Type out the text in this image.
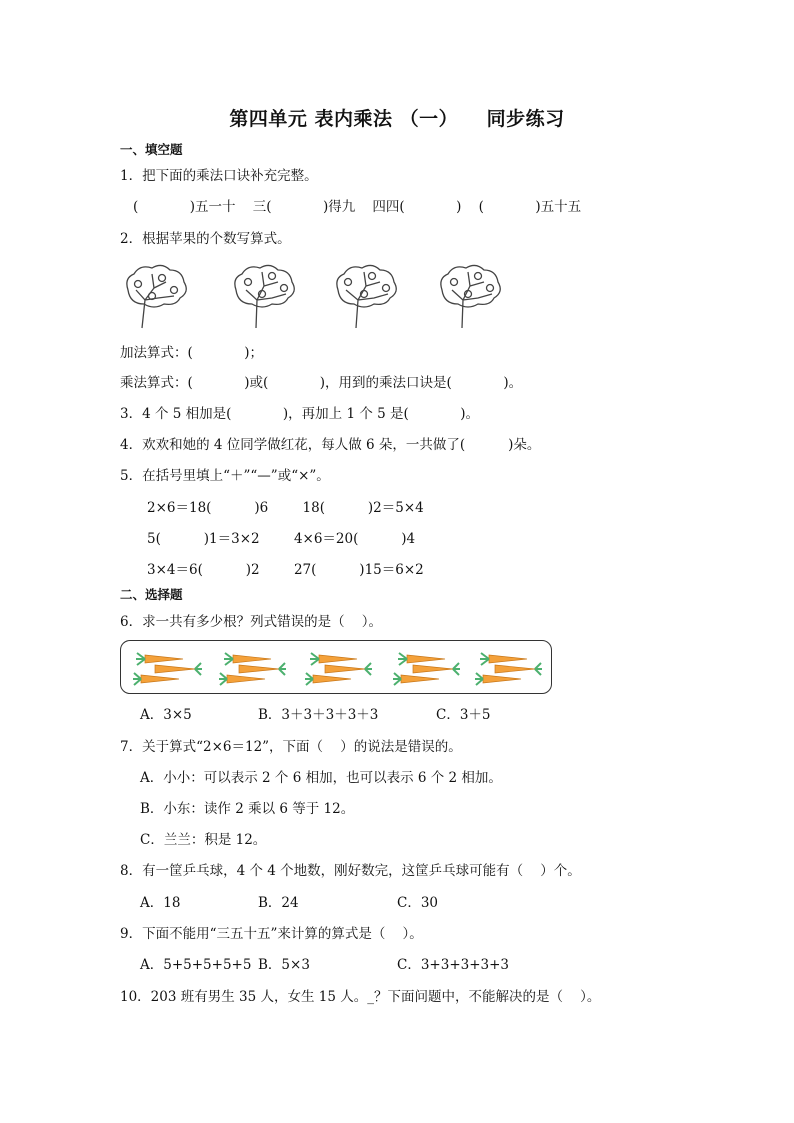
第四单元 表内乘法 （一）    同步练习
一、填空题
1．把下面的乘法口诀补充完整。
(            )五一十    三(            )得九    四四(            )    (            )五十五
2．根据苹果的个数写算式。
加法算式：(            )；
乘法算式：(            )或(            )，用到的乘法口诀是(            )。
3．4 个 5 相加是(            )，再加上 1 个 5 是(            )。
4．欢欢和她的 4 位同学做红花，每人做 6 朵，一共做了(          )朵。
5．在括号里填上“＋”“—”或“×”。
2×6＝18(          )6        18(          )2＝5×4
5(          )1＝3×2        4×6＝20(          )4
3×4＝6(          )2        27(          )15＝6×2
二、选择题
6．求一共有多少根？列式错误的是（    ）。
A．3×5	B．3＋3＋3＋3＋3	C．3＋5
7．关于算式“2×6＝12”，下面（    ）的说法是错误的。
A．小小：可以表示 2 个 6 相加，也可以表示 6 个 2 相加。
B．小东：读作 2 乘以 6 等于 12。
C．兰兰：积是 12。
8．有一筐乒乓球，4 个 4 个地数，刚好数完，这筐乒乓球可能有（    ）个。
A．18	B．24	C．30
9．下面不能用“三五十五”来计算的算式是（    ）。
A．5+5+5+5+5 B．5×3	C．3+3+3+3+3
10．203 班有男生 35 人，女生 15 人。_？下面问题中，不能解决的是（    ）。
